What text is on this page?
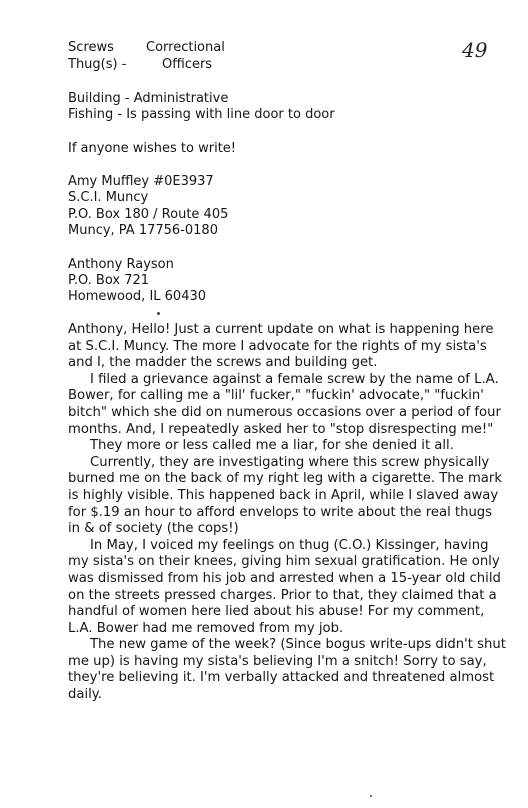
49
Screws Correctional
Thug(s) -	Officers
Building - Administrative
Fishing - Is passing with line door to door
If anyone wishes to write!
Amy Muffley #0E3937
S.C.I. Muncy
P.O. Box 180 / Route 405
Muncy, PA 17756-0180
Anthony Rayson
P.O. Box 721
Homewood, IL 60430

Anthony, Hello! Just a current update on what is happening here at S.C.I. Muncy. The more I advocate for the rights of my sista's and I, the madder the screws and building get.

I filed a grievance against a female screw by the name of L.A. Bower, for calling me a "lil' fucker," "fuckin' advocate," "fuckin' bitch" which she did on numerous occasions over a period of four months. And, I repeatedly asked her to "stop disrespecting me!"

They more or less called me a liar, for she denied it all.

Currently, they are investigating where this screw physically burned me on the back of my right leg with a cigarette. The mark is highly visible. This happened back in April, while I slaved away for $.19 an hour to afford envelops to write about the real thugs in & of society (the cops!)

In May, I voiced my feelings on thug (C.O.) Kissinger, having my sista's on their knees, giving him sexual gratification. He only was dismissed from his job and arrested when a 15-year old child on the streets pressed charges. Prior to that, they claimed that a handful of women here lied about his abuse! For my comment, L.A. Bower had me removed from my job.

The new game of the week? (Since bogus write-ups didn't shut me up) is having my sista's believing I'm a snitch! Sorry to say, they're believing it. I'm verbally attacked and threatened almost daily.
